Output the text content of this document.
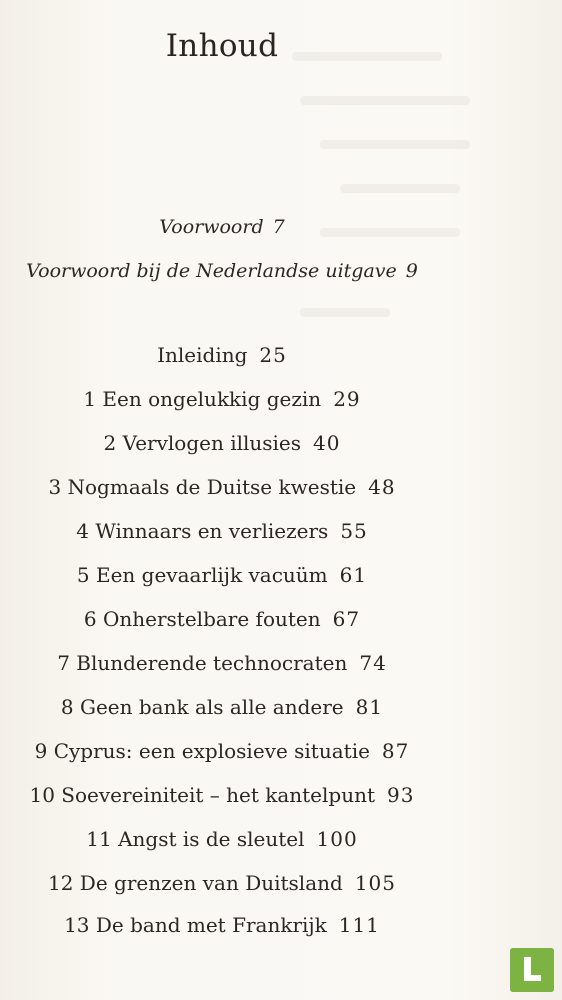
Inhoud
Voorwoord 7
Voorwoord bij de Nederlandse uitgave 9
Inleiding 25
1 Een ongelukkig gezin 29
2 Vervlogen illusies 40
3 Nogmaals de Duitse kwestie 48
4 Winnaars en verliezers 55
5 Een gevaarlijk vacuüm 61
6 Onherstelbare fouten 67
7 Blunderende technocraten 74
8 Geen bank als alle andere 81
9 Cyprus: een explosieve situatie 87
10 Soevereiniteit – het kantelpunt 93
11 Angst is de sleutel 100
12 De grenzen van Duitsland 105
13 De band met Frankrijk 111
